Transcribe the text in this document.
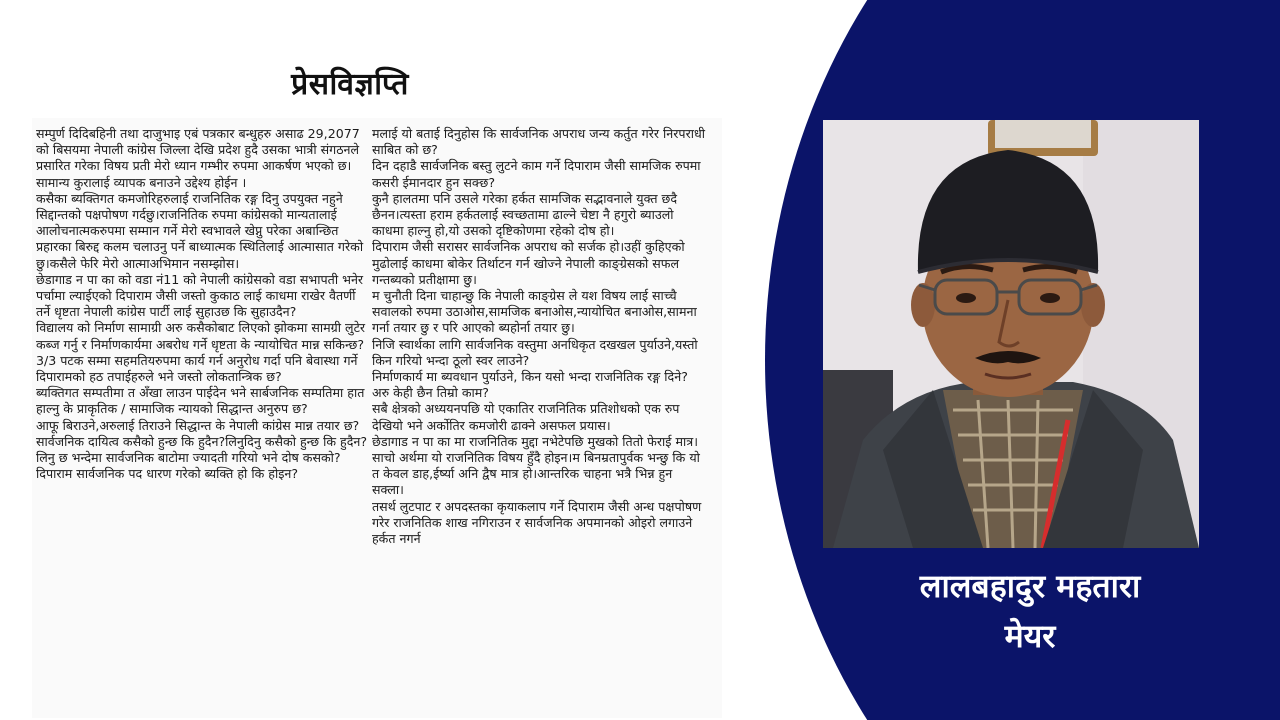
प्रेसविज्ञप्ति

सम्पुर्ण दिदिबहिनी तथा दाजुभाइ एबं पत्रकार बन्धुहरु असाढ 29,2077 को बिसयमा नेपाली कांग्रेस जिल्ला देखि प्रदेश हुदै उसका भात्री संगठनले प्रसारित गरेका विषय प्रती मेरो ध्यान गम्भीर रुपमा आकर्षण भएको छ।

सामान्य कुरालाई व्यापक बनाउने उद्देश्य होईन ।

कसैका ब्यक्तिगत कमजोरिहरुलाई राजनितिक रङ्ग दिनु उपयुक्त नहुने सिद्दान्तको पक्षपोषण गर्दछु।राजनितिक रुपमा कांग्रेसको मान्यतालाई आलोचनात्मकरुपमा सम्मान गर्ने मेरो स्वभावले खेप्नु परेका अबान्छित प्रहारका बिरुद्द कलम चलाउनु पर्ने बाध्यात्मक स्थितिलाई आत्मासात गरेको छु।कसैले फेरि मेरो आत्माअभिमान नसम्झोस।

छेडागाड न पा का को वडा नं11 को नेपाली कांग्रेसको वडा सभापती भनेर पर्चामा ल्याईएको दिपाराम जैसी जस्तो कुकाठ लाई काधमा राखेर वैतर्णी तर्ने धृष्टता नेपाली कांग्रेस पार्टी लाई सुहाउछ कि सुहाउदैन?

विद्यालय को निर्माण सामाग्री अरु कसैकोबाट लिएको झोकमा सामग्री लुटेर कब्ज गर्नु र निर्माणकार्यमा अबरोध गर्ने धृष्टता के न्यायोचित मान्न सकिन्छ?

3/3 पटक सम्मा सहमतियरुपमा कार्य गर्न अनुरोध गर्दा पनि बेवास्था गर्ने दिपारामको हठ तपाईहरुले भने जस्तो लोकतान्त्रिक छ?

ब्यक्तिगत सम्पतीमा त अँखा लाउन पाईदेन भने सार्बजनिक सम्पतिमा हात हाल्नु के प्राकृतिक / सामाजिक न्यायको सिद्धान्त अनुरुप छ?

आफू बिराउने,अरुलाई तिराउने सिद्धान्त के नेपाली कांग्रेस मान्न तयार छ?

सार्वजनिक दायित्व कसैको हुन्छ कि हुदैन?लिनुदिनु कसैको हुन्छ कि हुदैन?लिनु छ भन्देमा सार्वजनिक बाटोमा ज्यादती गरियो भने दोष कसको?

दिपाराम सार्वजनिक पद धारण गरेको ब्यक्ति हो कि होइन?

मलाई यो बताई दिनुहोस कि सार्वजनिक अपराध जन्य कर्तुत गरेर निरपराधी साबित को छ?

दिन दहाडै सार्वजनिक बस्तु लुटने काम गर्ने दिपाराम जैसी सामजिक रुपमा कसरी ईमानदार हुन सक्छ?

कुनै हालतमा पनि उसले गरेका हर्कत सामजिक सद्भावनाले युक्त छदै छैनन।त्यस्ता हराम हर्कतलाई स्वच्छतामा ढाल्ने चेष्टा नै हगुरो ब्याउलो काधमा हाल्नु हो,यो उसको दृष्टिकोणमा रहेको दोष हो।

दिपाराम जैसी सरासर सार्वजनिक अपराध को सर्जक हो।उहीं कुहिएको मुढोलाई काधमा बोकेर तिर्थाटन गर्न खोज्ने नेपाली काङ्ग्रेसको सफल गन्तब्यको प्रतीक्षामा छु।

म चुनौती दिना चाहान्छु कि नेपाली काङ्ग्रेस ले यश विषय लाई साच्चै सवालको रुपमा उठाओस,सामजिक बनाओस,न्यायोचित बनाओस,सामना गर्ना तयार छु र परि आएको ब्यहोर्ना तयार छु।

निजि स्वार्थका लागि सार्वजनिक वस्तुमा अनधिकृत दखखल पुर्याउने,यस्तो किन गरियो भन्दा ठूलो स्वर लाउने?

निर्माणकार्य मा ब्यवधान पुर्याउने, किन यसो भन्दा राजनितिक रङ्ग दिने? अरु केही छैन तिम्रो काम?

सबै क्षेत्रको अध्ययनपछि यो एकातिर राजनितिक प्रतिशोधको एक रुप देखियो भने अर्कोतिर कमजोरी ढाक्ने असफल प्रयास।

छेडागाड न पा का मा राजनितिक मुद्दा नभेटेपछि मुखको तितो फेराई मात्र।

साचो अर्थमा यो राजनितिक विषय हुँदै होइन।म बिनम्रतापुर्वक भन्छु कि यो त केवल डाह,ईर्ष्या अनि द्वैष मात्र हो।आन्तरिक चाहना भत्रै भिन्न हुन सक्ला।

तसर्थ लुटपाट र अपदस्तका कृयाकलाप गर्ने दिपाराम जैसी अन्ध पक्षपोषण गरेर राजनितिक शाख नगिराउन र सार्वजनिक अपमानको ओइरो लगाउने हर्कत नगर्न

लालबहादुर महतारा
मेयर
